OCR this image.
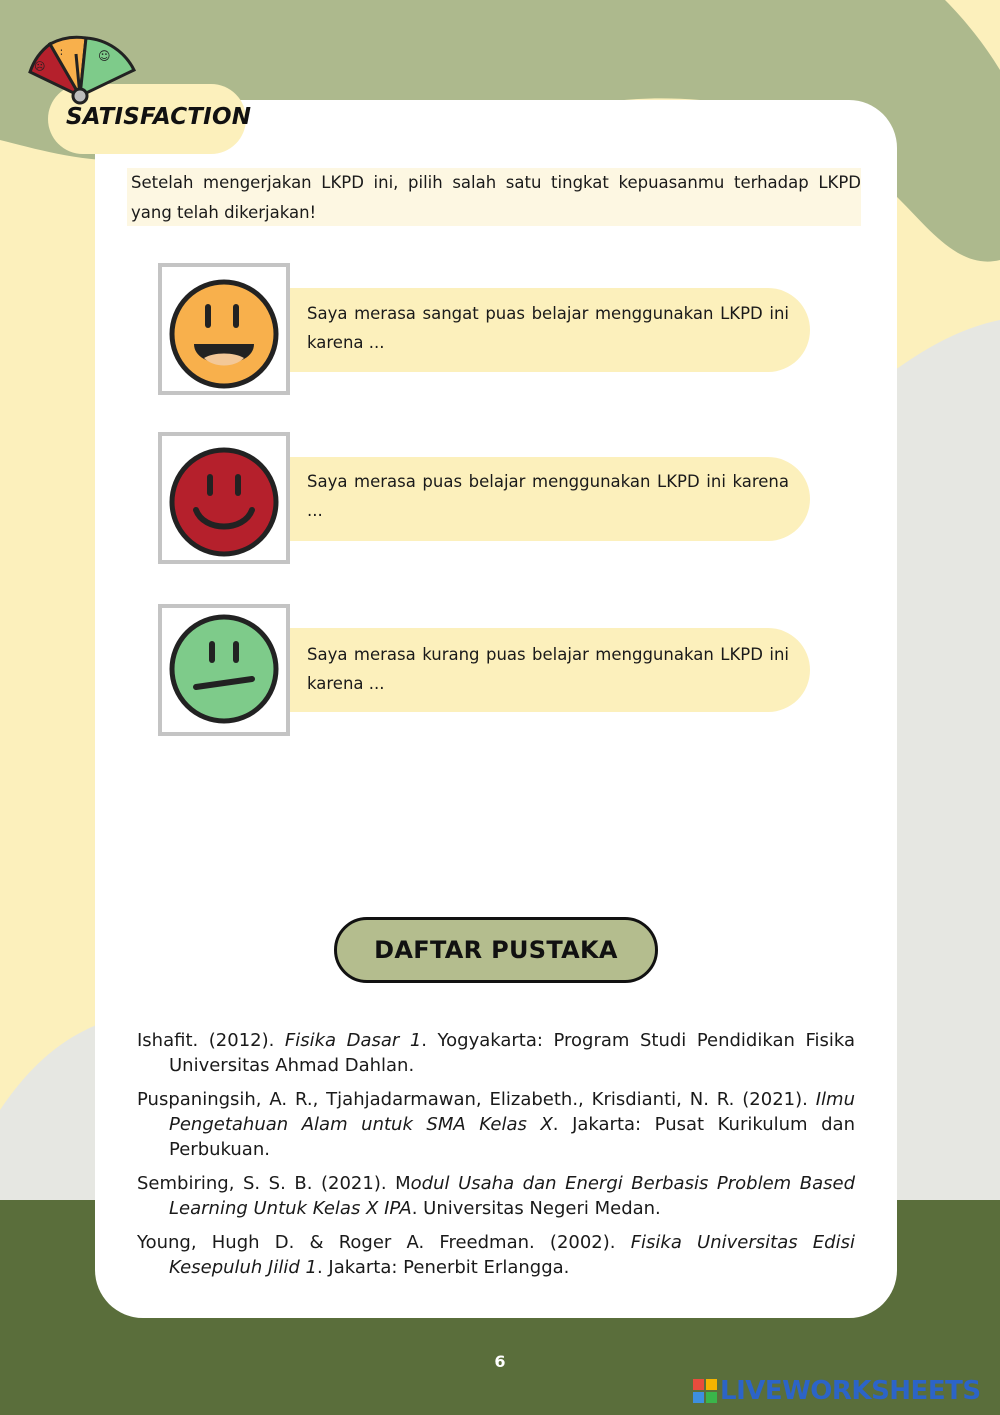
☹
∶	☺
SATISFACTION
Setelah mengerjakan LKPD ini, pilih salah satu tingkat kepuasanmu terhadap LKPD yang telah dikerjakan!
Saya merasa sangat puas belajar menggunakan LKPD ini karena ...
Saya merasa puas belajar menggunakan LKPD ini karena ...
Saya merasa kurang puas belajar menggunakan LKPD ini karena ...
DAFTAR PUSTAKA
Ishafit. (2012). Fisika Dasar 1. Yogyakarta: Program Studi Pendidikan Fisika Universitas Ahmad Dahlan.
Puspaningsih, A. R., Tjahjadarmawan, Elizabeth., Krisdianti, N. R. (2021). Ilmu Pengetahuan Alam untuk SMA Kelas X. Jakarta: Pusat Kurikulum dan Perbukuan.
Sembiring, S. S. B. (2021). Modul Usaha dan Energi Berbasis Problem Based Learning Untuk Kelas X IPA. Universitas Negeri Medan.
Young, Hugh D. & Roger A. Freedman. (2002). Fisika Universitas Edisi Kesepuluh Jilid 1. Jakarta: Penerbit Erlangga.
6
LIVEWORKSHEETS
